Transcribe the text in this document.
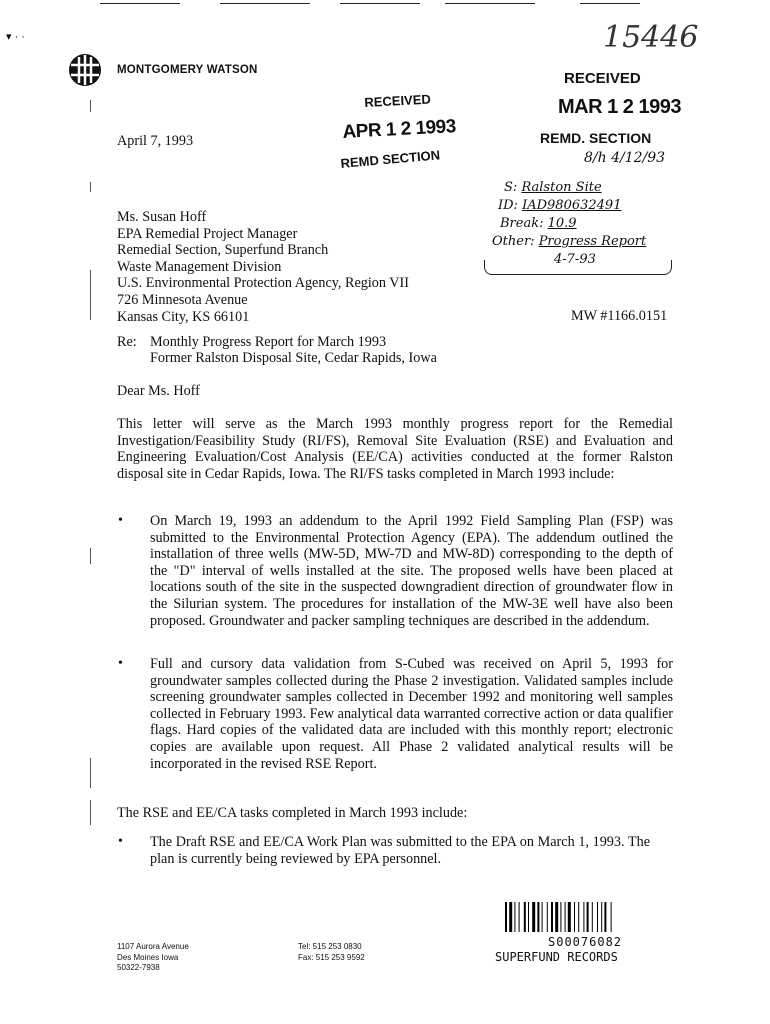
▾ · ·	15446
MONTGOMERY WATSON
RECEIVED
APR 1 2 1993
REMD SECTION
RECEIVED
MAR 1 2 1993
REMD. SECTION
8/h 4/12/93
S: Ralston Site
ID: IAD980632491
Break: 10.9
Other: Progress Report
4-7-93
April 7, 1993
Ms. Susan Hoff
EPA Remedial Project Manager
Remedial Section, Superfund Branch
Waste Management Division
U.S. Environmental Protection Agency, Region VII
726 Minnesota Avenue
Kansas City, KS 66101	MW #1166.0151
Re: Monthly Progress Report for March 1993
Former Ralston Disposal Site, Cedar Rapids, Iowa
Dear Ms. Hoff
This letter will serve as the March 1993 monthly progress report for the Remedial Investigation/Feasibility Study (RI/FS), Removal Site Evaluation (RSE) and Evaluation and Engineering Evaluation/Cost Analysis (EE/CA) activities conducted at the former Ralston disposal site in Cedar Rapids, Iowa. The RI/FS tasks completed in March 1993 include:
• On March 19, 1993 an addendum to the April 1992 Field Sampling Plan (FSP) was submitted to the Environmental Protection Agency (EPA). The addendum outlined the installation of three wells (MW-5D, MW-7D and MW-8D) corresponding to the depth of the "D" interval of wells installed at the site. The proposed wells have been placed at locations south of the site in the suspected downgradient direction of groundwater flow in the Silurian system. The procedures for installation of the MW-3E well have also been proposed. Groundwater and packer sampling techniques are described in the addendum.
• Full and cursory data validation from S-Cubed was received on April 5, 1993 for groundwater samples collected during the Phase 2 investigation. Validated samples include screening groundwater samples collected in December 1992 and monitoring well samples collected in February 1993. Few analytical data warranted corrective action or data qualifier flags. Hard copies of the validated data are included with this monthly report; electronic copies are available upon request. All Phase 2 validated analytical results will be incorporated in the revised RSE Report.
The RSE and EE/CA tasks completed in March 1993 include:
• The Draft RSE and EE/CA Work Plan was submitted to the EPA on March 1, 1993. The plan is currently being reviewed by EPA personnel.
1107 Aurora Avenue
Des Moines Iowa
50322-7938
Tel: 515 253 0830
Fax: 515 253 9592
S00076082
SUPERFUND RECORDS
